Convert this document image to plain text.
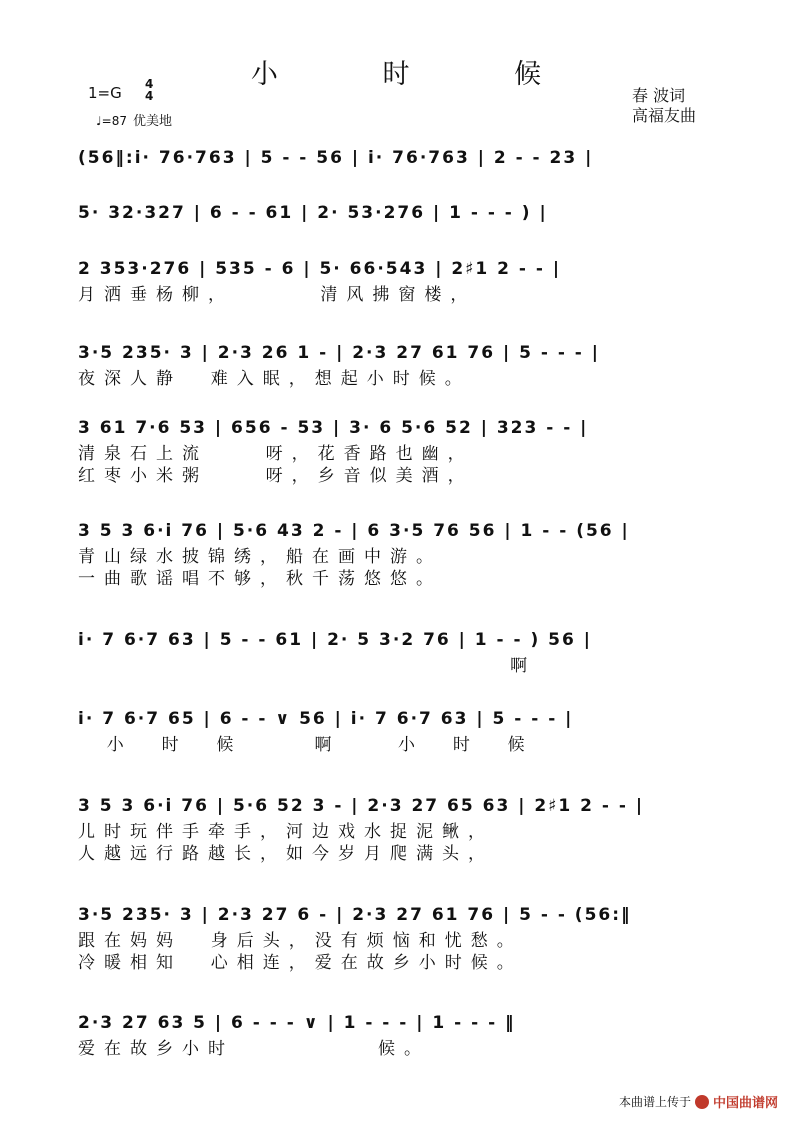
小 时 候
1=G 4
4
♩=87 优美地
春 波词
高福友曲
(56‖:i· 76·763 | 5 - - 56 | i· 76·763 | 2 - - 23 |
5· 32·327 | 6 - - 61 | 2· 53·276 | 1 - - - ) |
2 353·276 | 535 - 6 | 5· 66·543 | 2♯1 2 - - |
月洒垂杨柳，      清风拂窗楼，
3·5 235· 3 | 2·3 26 1 - | 2·3 27 61 76 | 5 - - - |
夜深人静  难入眠，想起小时候。
3 61 7·6 53 | 656 - 53 | 3· 6 5·6 52 | 323 - - |
清泉石上流    呀，花香路也幽，
红枣小米粥    呀，乡音似美酒，
3 5 3 6·i 76 | 5·6 43 2 - | 6 3·5 76 56 | 1 - - (56 |
青山绿水披锦绣，船在画中游。
一曲歌谣唱不够，秋千荡悠悠。
i· 7 6·7 63 | 5 - - 61 | 2· 5 3·2 76 | 1 - - ) 56 |
啊
i· 7 6·7 65 | 6 - - ∨ 56 | i· 7 6·7 63 | 5 - - - |
小  时  候     啊    小  时  候
3 5 3 6·i 76 | 5·6 52 3 - | 2·3 27 65 63 | 2♯1 2 - - |
儿时玩伴手牵手，河边戏水捉泥鳅，
人越远行路越长，如今岁月爬满头，
3·5 235· 3 | 2·3 27 6 - | 2·3 27 61 76 | 5 - - (56:‖
跟在妈妈  身后头，没有烦恼和忧愁。
冷暖相知  心相连，爱在故乡小时候。
2·3 27 63 5 | 6 - - - ∨ | 1 - - - | 1 - - - ‖
爱在故乡小时          候。
本曲谱上传于 中国曲谱网
